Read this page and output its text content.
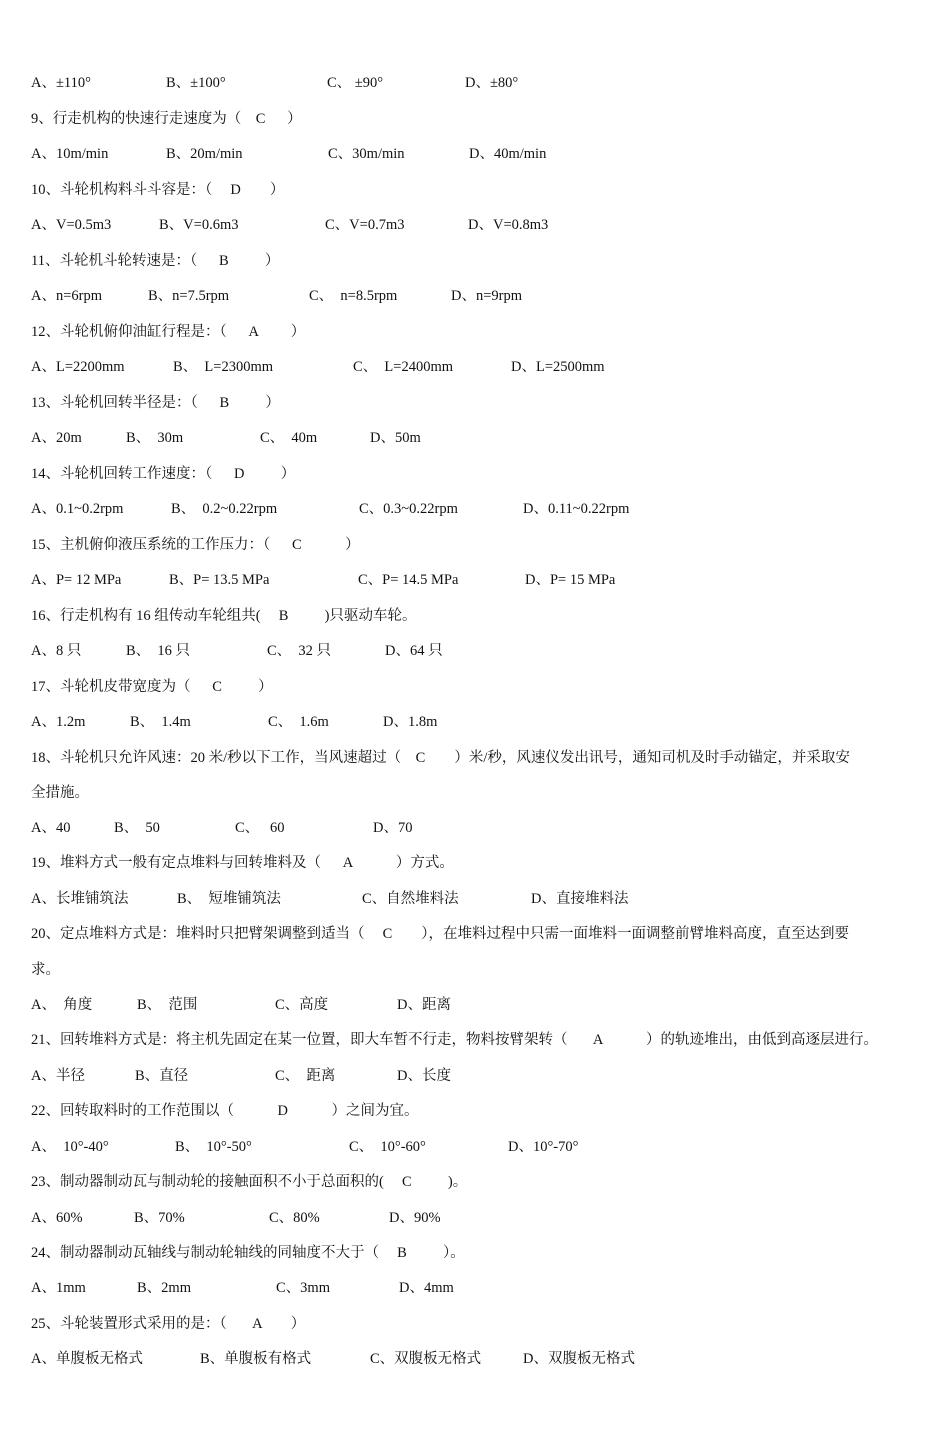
A、±110°	B、±100°	C、 ±90°	D、±80°
9、行走机构的快速行走速度为（    C      ）
A、10m/min	B、20m/min	C、30m/min	D、40m/min
10、斗轮机构料斗斗容是：（     D        ）
A、V=0.5m3	B、V=0.6m3	C、V=0.7m3	D、V=0.8m3
11、斗轮机斗轮转速是：（      B          ）
A、n=6rpm	B、n=7.5rpm	C、  n=8.5rpm	D、n=9rpm
12、斗轮机俯仰油缸行程是：（      A         ）
A、L=2200mm	B、  L=2300mm	C、  L=2400mm	D、L=2500mm
13、斗轮机回转半径是：（      B          ）
A、20m	B、  30m	C、  40m	D、50m
14、斗轮机回转工作速度：（      D          ）
A、0.1~0.2rpm	B、  0.2~0.22rpm	C、0.3~0.22rpm	D、0.11~0.22rpm
15、主机俯仰液压系统的工作压力：（      C            ）
A、P= 12 MPa	B、P= 13.5 MPa	C、P= 14.5 MPa	D、P= 15 MPa
16、行走机构有 16 组传动车轮组共(     B          )只驱动车轮。
A、8 只	B、  16 只	C、  32 只	D、64 只
17、斗轮机皮带宽度为（      C          ）
A、1.2m	B、  1.4m	C、  1.6m	D、1.8m
18、斗轮机只允许风速：20 米/秒以下工作，当风速超过（    C        ）米/秒，风速仪发出讯号，通知司机及时手动锚定，并采取安
全措施。
A、40	B、  50	C、   60	D、70
19、堆料方式一般有定点堆料与回转堆料及（      A            ）方式。
A、长堆铺筑法	B、  短堆铺筑法	C、自然堆料法	D、直接堆料法
20、定点堆料方式是：堆料时只把臂架调整到适当（     C        ），在堆料过程中只需一面堆料一面调整前臂堆料高度，直至达到要
求。
A、  角度	B、  范围	C、高度	D、距离
21、回转堆料方式是：将主机先固定在某一位置，即大车暂不行走，物料按臂架转（       A            ）的轨迹堆出，由低到高逐层进行。
A、半径	B、直径	C、  距离	D、长度
22、回转取料时的工作范围以（            D            ）之间为宜。
A、  10°-40°	B、  10°-50°	C、  10°-60°	D、10°-70°
23、制动器制动瓦与制动轮的接触面积不小于总面积的(     C          )。
A、60%	B、70%	C、80%	D、90%
24、制动器制动瓦轴线与制动轮轴线的同轴度不大于（     B          ）。
A、1mm	B、2mm	C、3mm	D、4mm
25、斗轮装置形式采用的是：（       A        ）
A、单腹板无格式	B、单腹板有格式	C、双腹板无格式	D、双腹板无格式
